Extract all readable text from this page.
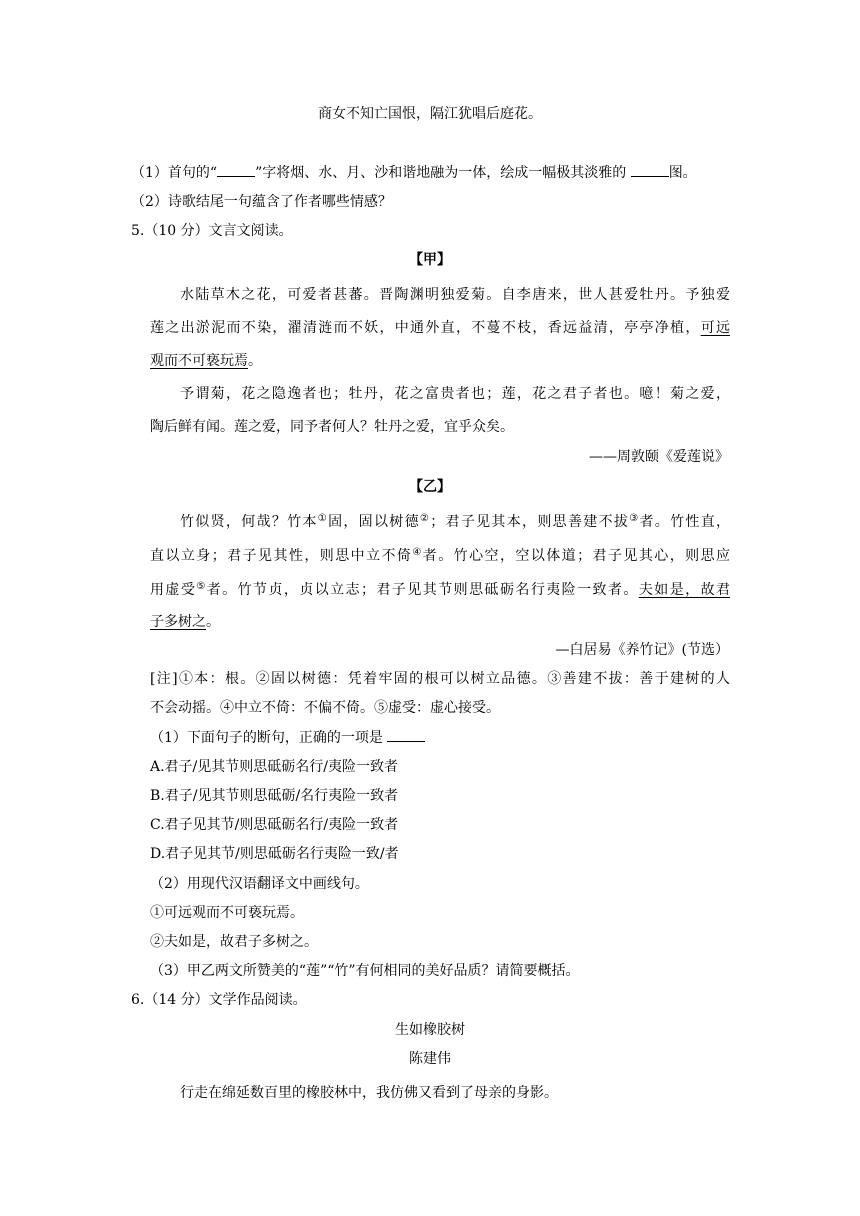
商女不知亡国恨，隔江犹唱后庭花。
（1）首句的“	”字将烟、水、月、沙和谐地融为一体，绘成一幅极其淡雅的	图。
（2）诗歌结尾一句蕴含了作者哪些情感？
5.（10 分）文言文阅读。
【甲】
水陆草木之花，可爱者甚蕃。晋陶渊明独爱菊。自李唐来，世人甚爱牡丹。予独爱
莲之出淤泥而不染，濯清涟而不妖，中通外直，不蔓不枝，香远益清，亭亭净植，可远
观而不可亵玩焉。
予谓菊，花之隐逸者也；牡丹，花之富贵者也；莲，花之君子者也。噫！菊之爱，
陶后鲜有闻。莲之爱，同予者何人？牡丹之爱，宜乎众矣。
——周敦颐《爱莲说》
【乙】
竹似贤，何哉？竹本①固，固以树德②；君子见其本，则思善建不拔③者。竹性直，
直以立身；君子见其性，则思中立不倚④者。竹心空，空以体道；君子见其心，则思应
用虚受⑤者。竹节贞，贞以立志；君子见其节则思砥砺名行夷险一致者。夫如是，故君
子多树之。
—白居易《养竹记》(节选）
[注]①本：根。②固以树德：凭着牢固的根可以树立品德。③善建不拔：善于建树的人
不会动摇。④中立不倚：不偏不倚。⑤虚受：虚心接受。
（1）下面句子的断句，正确的一项是
A.君子/见其节则思砥砺名行/夷险一致者
B.君子/见其节则思砥砺/名行夷险一致者
C.君子见其节/则思砥砺名行/夷险一致者
D.君子见其节/则思砥砺名行夷险一致/者
（2）用现代汉语翻译文中画线句。
①可远观而不可亵玩焉。
②夫如是，故君子多树之。
（3）甲乙两文所赞美的“莲”“竹”有何相同的美好品质？请简要概括。
6.（14 分）文学作品阅读。
生如橡胶树
陈建伟
行走在绵延数百里的橡胶林中，我仿佛又看到了母亲的身影。
